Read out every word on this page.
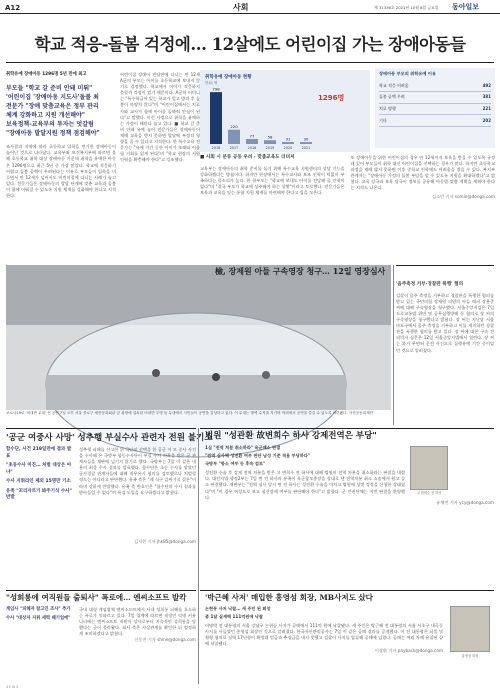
A12	사회	제 31336호 2021년 10월 8일 금요일 동아일보
학교 적응-돌봄 걱정에… 12살에도 어린이집 가는 장애아동들
취학유예 장애아동 1296명 5년 만에 최고
부모들 "학교 갈 준비 안돼 미뤄"
'어린이집 '장애아동 지도사'돌볼 최
전문가 "장애 맞춤교육은 정부 관리
체계 강화하고 지원 개선해야"
보육정책-교육부의 투자는 엇갈림
"장애아동 발달지원 정책 점검해야"

조사결과 지역에 따라 초등학교 입학을 연기한 장애아동이 늘어난 것으로 나타났다. 교육부와 보건복지부에 따르면 올해 초등학교 취학 대상 장애아동 가운데 취학을 유예한 아동은 1296명으로 최근 5년 중 가장 많았다. 학교에 적응하기 어렵고 돌봄 공백이 우려된다는 이유로 부모들이 입학을 미루면서 만 12세가 넘어서도 어린이집에 다니는 사례가 늘고 있다. 전문가들은 장애아동의 발달 단계에 맞춘 교육과 돌봄이 함께 이뤄질 수 있도록 지원 체계를 강화해야 한다고 지적한다.

어린이집 장애아 전담반에 다니는 만 12세 A군의 부모는 아이를 초등학교에 보내지 않기로 결정했다. 학교에서 아이가 적응하지 못할까 걱정이 컸기 때문이다. A군의 어머니는 "특수학급이 있는 학교가 멀고 방과 후 돌봄이 마땅치 않다"며 "어린이집에서는 치료사와 교사가 함께 아이를 돌봐줘 안심이 된다"고 말했다. 이런 사정으로 취학을 유예하는 가정이 해마다 늘고 있다. ■ 학교 갈 준비 안돼 유예 늘어 전문가들은 장애아동이 제때 교육을 받지 못하면 발달에 부정적 영향을 줄 수 있다고 지적한다. 한 특수교육 전문가는 "유예 기간 동안 아이가 또래와 어울릴 기회를 잃게 된다"며 "학교 현장의 지원 인력을 확충해야 한다"고 강조했다.

취학유예 장애아동 현황
단위: 명
1296명
798
2016
220
2017
77
2018
58
2019
31
2020
30
2021
장애아동 부모의 취학유예 이유
학교 적응 어려움	492
돌봄 공백 우려	381
치료 병행	221
기타	202
■ 사회 시 분류 공동 우려 - 맞춤교육도 더뎌져

교육부는 장애아동의 취학 준비를 돕기 위해 특수교육 지원센터의 상담 기능을 강화하겠다는 방침이다. 하지만 현장에서는 특수교사와 보조 인력이 턱없이 부족하다는 목소리가 높다. 한 학부모는 "학교에 보내도 아이를 전담해 줄 인력이 없다"며 "결국 부모가 학교에 상주해야 하는 상황"이라고 토로했다. 전문가들은 보육과 교육을 잇는 통합 지원 체계를 마련해야 한다고 입을 모은다.

또 장애아동을 위한 어린이집의 경우 만 12세까지 보육을 받을 수 있도록 규정돼 있어 부모들이 취학 대신 어린이집을 선택하는 경우가 많다. 하지만 초등학교 과정을 제때 밟지 못하면 이후 중학교 진학에도 어려움을 겪을 수 있다. 복지부 관계자는 "장애아동 가정의 돌봄 부담을 덜 수 있도록 지원을 확대하겠다"고 밝혔다. 교육 당국과 보육 당국이 정보를 공유해 아동별 맞춤 계획을 세워야 한다는 지적도 나온다.

김소민 기자 somin@donga.com
코로나19로 '비대면 무대' 선 공연 7일 오후 서울 종로구 세종문화회관 앞 광장에 설치된 비대면 투명 돔 무대에서 시민들이 공연을 감상하고 있다. 이 무대는 방역 수칙을 지키며 야외에서 공연을 즐길 수 있도록 마련됐다. 사진공동취재단
檢, 장제원 아들 구속영장 청구… 12일 영장심사
'음주측정 거부·경찰관 폭행' 혐의

검찰이 음주 측정을 거부하고 경찰관을 폭행한 혐의를 받고 있는 국민의힘 장제원 의원의 아들 래퍼 장용준 씨에 대해 구속영장을 청구했다. 서울중앙지검은 7일 도로교통법 위반 및 공무집행방해 등 혐의로 장 씨의 구속영장을 청구했다고 밝혔다. 장 씨는 지난달 서울 마포구에서 음주 측정을 거부하고 이를 제지하던 경찰관을 폭행한 혐의를 받고 있다. 장 씨에 대한 구속 전 피의자 심문은 12일 서울중앙지법에서 열린다. 장 씨는 과거 무면허 운전 사건으로 집행유예 기간 중이었던 것으로 알려졌다.

법원 "성관환 故변희수 하사 강제전역은 부당"
1심 "전역 처분 취소하라" 육군패소 판결
"전역 심사해 성전환 여부 판단 남성 기준 적용 부당하다"
국방부 "항소 여부 등 후속 검토"

성전환 수술 후 강제 전역 처분을 받은 고 변희수 전 하사에 대해 법원이 전역 처분을 취소하라는 판결을 내렸다. 대전지법 행정2부는 7일 변 전 하사의 유족이 육군참모총장을 상대로 낸 전역처분 취소 소송에서 원고 승소 판결했다. 재판부는 "전역 심사 당시 변 전 하사는 성전환 수술을 마치고 법원에 성별 정정을 신청한 상태였다"며 "이 경우 여성으로 보고 심신장애 여부를 판단해야 한다"고 밝혔다. 군 인권단체는 이번 판결을 환영했다.

고 변희수 전 하사
유채연 기자 ycy@donga.com
'공군 여중사 사망' 성추행 부실수사 관련자 전원 불기소
합수단, 사건 219일만에 결과 발표
"초동수사 미진… 처벌 대상은 아냐"
수사 지휘라인 제외 15명만 기소
유족 "꼬리자르기 봐주기식 수사" 반발

성추행 피해를 신고한 뒤 극단적 선택을 한 공군 이 모 중사 사건을 수사해 온 국방부 합동수사단이 부실 수사 의혹을 받은 군 관계자들을 재판에 넘기지 않기로 했다. 국방부는 7일 이 같은 내용의 최종 수사 결과를 발표했다. 합수단은 초동 수사를 맡았던 군사경찰 관계자들에 대해 직무유기 혐의를 검토했으나 처벌할 정도는 아니라고 판단했다. 유족 측은 "제 식구 감싸기식 결론"이라며 강하게 반발했다. 유족 측 변호인은 "합수단의 수사 결과를 받아들일 수 없다"며 특검 도입을 요구하겠다고 밝혔다.

김지현 기자 jhk85@donga.com
"성희롱에 여직원들 출퇴사" 폭로에… 엔씨소프트 발칵
게임사 "피해자 참고인 조사" 추가
수사 "대상자 지위 세력 때기업에"

국내 대형 게임업체 엔씨소프트에서 사내 성희롱 피해를 호소하는 폭로가 잇따르고 있다. 7일 업계에 따르면 직장인 익명 커뮤니티에는 엔씨소프트 직원이 상사로부터 지속적인 성희롱을 당했다는 글이 올라왔다. 회사 측은 사실관계를 확인한 뒤 엄정하게 조치하겠다고 밝혔다.

신동진 기자 shine@donga.com
'박근혜 사저' 매입한 흥영섬 회장, MB사저도 샀다
논현동 사저 낙찰… 새 주인 된 회장
총 1달 실세택 111억원에 낙찰

이명박 전 대통령의 서울 강남구 논현동 사저가 공매에서 111억 원에 낙찰됐다. 새 주인은 박근혜 전 대통령의 서울 서초구 내곡동 사저를 사들였던 흥영섬 회장인 것으로 알려졌다. 한국자산관리공사는 7일 이 같은 공매 결과를 공개했다. 이 전 대통령은 뇌물 및 횡령 혐의로 징역 17년형이 확정돼 벌금과 추징금을 내지 못했고 검찰이 사저를 압류해 공매에 넘겼다. 공매는 여러 차례 유찰된 끝에 낙찰됐다.

이상환 기자 payback@donga.com
흥영섬 회장
4 E W S
